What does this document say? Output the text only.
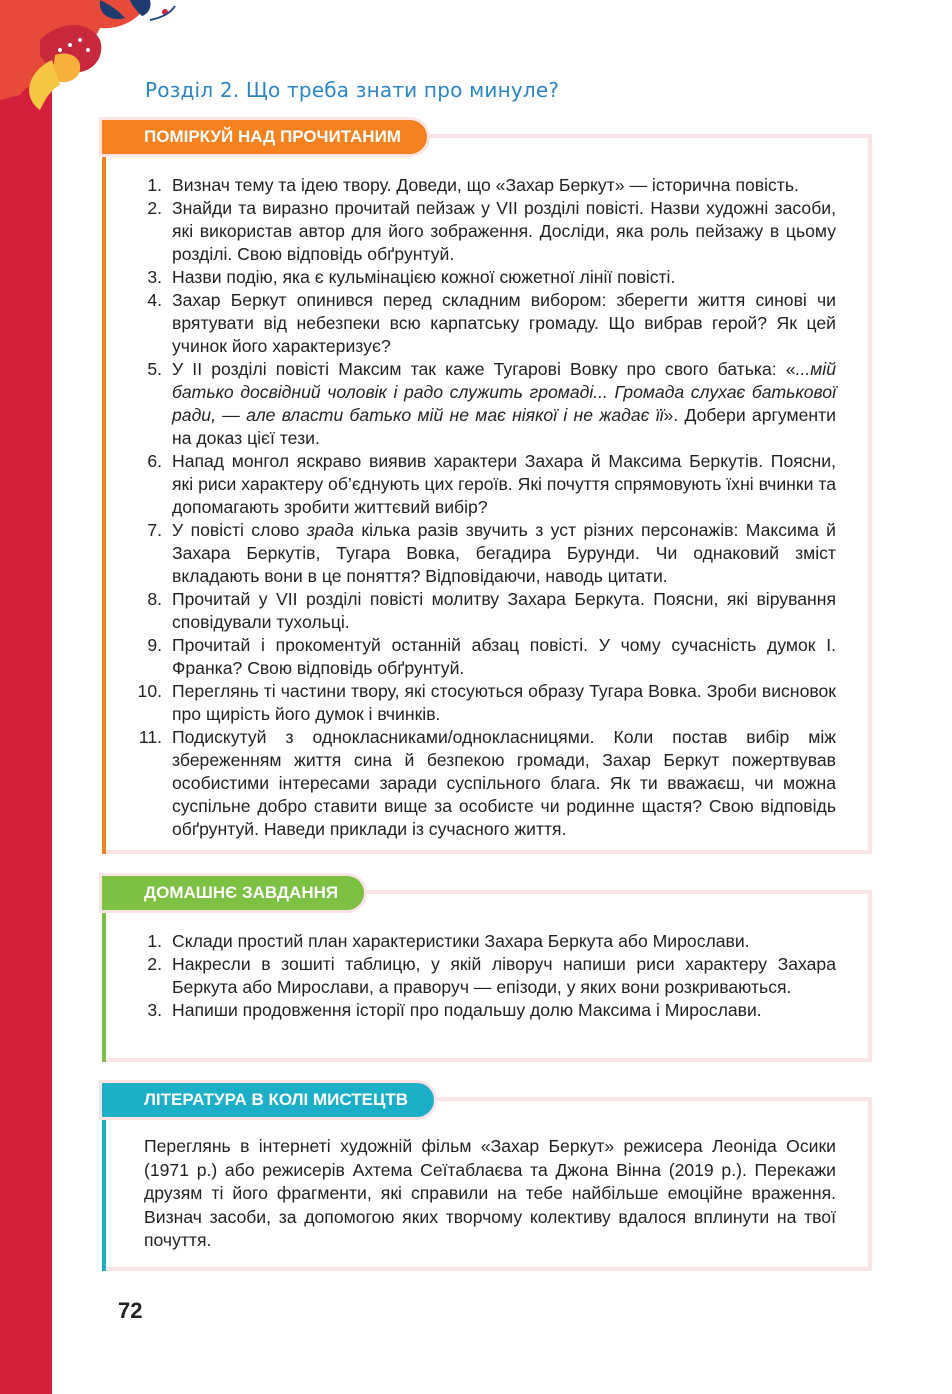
Розділ 2. Що треба знати про минуле?
ПОМІРКУЙ НАД ПРОЧИТАНИМ
1. Визнач тему та ідею твору. Доведи, що «Захар Беркут» — історична повість.
2. Знайди та виразно прочитай пейзаж у VII розділі повісті. Назви художні засоби, які використав автор для його зображення. Досліди, яка роль пейзажу в цьому розділі. Свою відповідь обґрунтуй.
3. Назви подію, яка є кульмінацією кожної сюжетної лінії повісті.
4. Захар Беркут опинився перед складним вибором: зберегти життя синові чи врятувати від небезпеки всю карпатську громаду. Що вибрав герой? Як цей учинок його характеризує?
5. У ІІ розділі повісті Максим так каже Тугарові Вовку про свого батька: «...мій батько досвідний чоловік і радо служить громаді... Громада слухає батькової ради, — але власти батько мій не має ніякої і не жадає її». Добери аргументи на доказ цієї тези.
6. Напад монгол яскраво виявив характери Захара й Максима Беркутів. Поясни, які риси характеру об’єднують цих героїв. Які почуття спрямовують їхні вчинки та допомагають зробити життєвий вибір?
7. У повісті слово зрада кілька разів звучить з уст різних персонажів: Максима й Захара Беркутів, Тугара Вовка, бегадира Бурунди. Чи однаковий зміст вкладають вони в це поняття? Відповідаючи, наводь цитати.
8. Прочитай у VII розділі повісті молитву Захара Беркута. Поясни, які вірування сповідували тухольці.
9. Прочитай і прокоментуй останній абзац повісті. У чому сучасність думок І. Франка? Свою відповідь обґрунтуй.
10. Переглянь ті частини твору, які стосуються образу Тугара Вовка. Зроби висновок про щирість його думок і вчинків.
11. Подискутуй з однокласниками/однокласницями. Коли постав вибір між збереженням життя сина й безпекою громади, Захар Беркут пожертвував особистими інтересами заради суспільного блага. Як ти вважаєш, чи можна суспільне добро ставити вище за особисте чи родинне щастя? Свою відповідь обґрунтуй. Наведи приклади із сучасного життя.
ДОМАШНЄ ЗАВДАННЯ
1. Склади простий план характеристики Захара Беркута або Мирослави.
2. Накресли в зошиті таблицю, у якій ліворуч напиши риси характеру Захара Беркута або Мирослави, а праворуч — епізоди, у яких вони розкриваються.
3. Напиши продовження історії про подальшу долю Максима і Мирослави.
ЛІТЕРАТУРА В КОЛІ МИСТЕЦТВ

Переглянь в інтернеті художній фільм «Захар Беркут» режисера Леоніда Осики (1971 р.) або режисерів Ахтема Сеїтаблаєва та Джона Вінна (2019 р.). Перекажи друзям ті його фрагменти, які справили на тебе найбільше емоційне враження. Визнач засоби, за допомогою яких творчому колективу вдалося вплинути на твої почуття.

72
